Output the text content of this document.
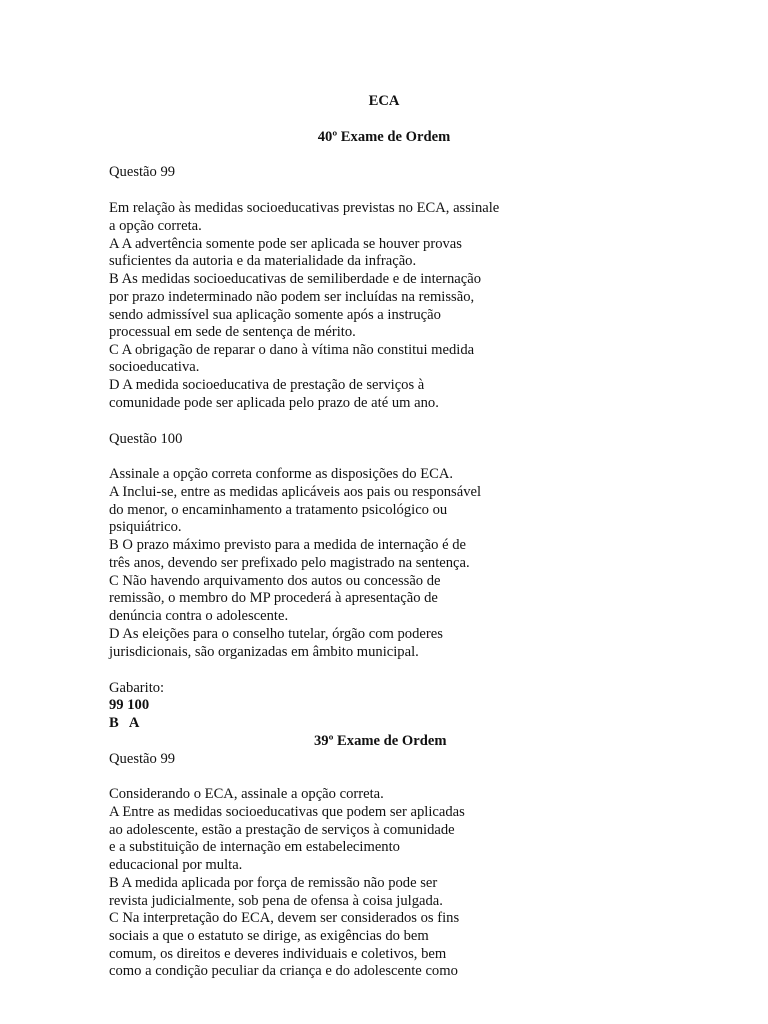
ECA
40º Exame de Ordem
Questão 99
Em relação às medidas socioeducativas previstas no ECA, assinale
a opção correta.
A A advertência somente pode ser aplicada se houver provas
suficientes da autoria e da materialidade da infração.
B As medidas socioeducativas de semiliberdade e de internação
por prazo indeterminado não podem ser incluídas na remissão,
sendo admissível sua aplicação somente após a instrução
processual em sede de sentença de mérito.
C A obrigação de reparar o dano à vítima não constitui medida
socioeducativa.
D A medida socioeducativa de prestação de serviços à
comunidade pode ser aplicada pelo prazo de até um ano.
Questão 100
Assinale a opção correta conforme as disposições do ECA.
A Inclui-se, entre as medidas aplicáveis aos pais ou responsável
do menor, o encaminhamento a tratamento psicológico ou
psiquiátrico.
B O prazo máximo previsto para a medida de internação é de
três anos, devendo ser prefixado pelo magistrado na sentença.
C Não havendo arquivamento dos autos ou concessão de
remissão, o membro do MP procederá à apresentação de
denúncia contra o adolescente.
D As eleições para o conselho tutelar, órgão com poderes
jurisdicionais, são organizadas em âmbito municipal.
Gabarito:
99 100
B   A
39º Exame de Ordem
Questão 99
Considerando o ECA, assinale a opção correta.
A Entre as medidas socioeducativas que podem ser aplicadas
ao adolescente, estão a prestação de serviços à comunidade
e a substituição de internação em estabelecimento
educacional por multa.
B A medida aplicada por força de remissão não pode ser
revista judicialmente, sob pena de ofensa à coisa julgada.
C Na interpretação do ECA, devem ser considerados os fins
sociais a que o estatuto se dirige, as exigências do bem
comum, os direitos e deveres individuais e coletivos, bem
como a condição peculiar da criança e do adolescente como
